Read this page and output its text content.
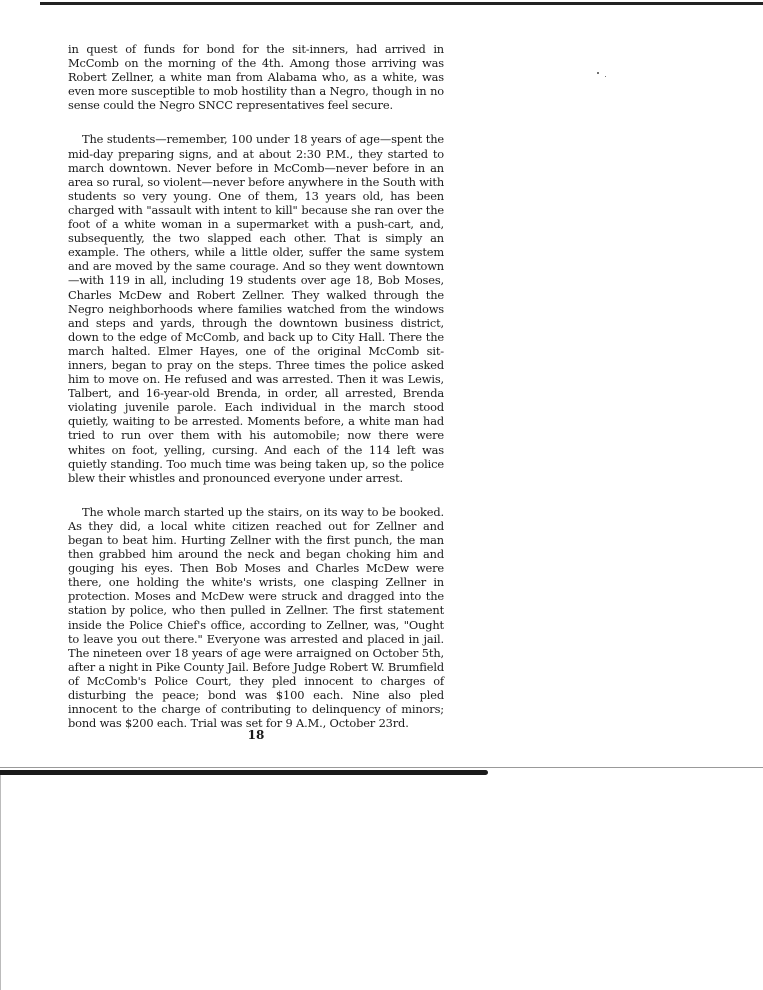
in quest of funds for bond for the sit-inners, had arrived in McComb on the morning of the 4th. Among those arriving was Robert Zellner, a white man from Alabama who, as a white, was even more susceptible to mob hostility than a Negro, though in no sense could the Negro SNCC representatives feel secure.

The students—remember, 100 under 18 years of age—spent the mid-day preparing signs, and at about 2:30 P.M., they started to march downtown. Never before in McComb—never before in an area so rural, so violent—never before anywhere in the South with students so very young. One of them, 13 years old, has been charged with "assault with intent to kill" because she ran over the foot of a white woman in a supermarket with a push-cart, and, subsequently, the two slapped each other. That is simply an example. The others, while a little older, suffer the same system and are moved by the same courage. And so they went downtown—with 119 in all, including 19 students over age 18, Bob Moses, Charles McDew and Robert Zellner. They walked through the Negro neighborhoods where families watched from the windows and steps and yards, through the downtown business district, down to the edge of McComb, and back up to City Hall. There the march halted. Elmer Hayes, one of the original McComb sit-inners, began to pray on the steps. Three times the police asked him to move on. He refused and was arrested. Then it was Lewis, Talbert, and 16-year-old Brenda, in order, all arrested, Brenda violating juvenile parole. Each individual in the march stood quietly, waiting to be arrested. Moments before, a white man had tried to run over them with his automobile; now there were whites on foot, yelling, cursing. And each of the 114 left was quietly standing. Too much time was being taken up, so the police blew their whistles and pronounced everyone under arrest.

The whole march started up the stairs, on its way to be booked. As they did, a local white citizen reached out for Zellner and began to beat him. Hurting Zellner with the first punch, the man then grabbed him around the neck and began choking him and gouging his eyes. Then Bob Moses and Charles McDew were there, one holding the white's wrists, one clasping Zellner in protection. Moses and McDew were struck and dragged into the station by police, who then pulled in Zellner. The first statement inside the Police Chief's office, according to Zellner, was, "Ought to leave you out there." Everyone was arrested and placed in jail. The nineteen over 18 years of age were arraigned on October 5th, after a night in Pike County Jail. Before Judge Robert W. Brumfield of McComb's Police Court, they pled innocent to charges of disturbing the peace; bond was $100 each. Nine also pled innocent to the charge of contributing to delinquency of minors; bond was $200 each. Trial was set for 9 A.M., October 23rd.

18
